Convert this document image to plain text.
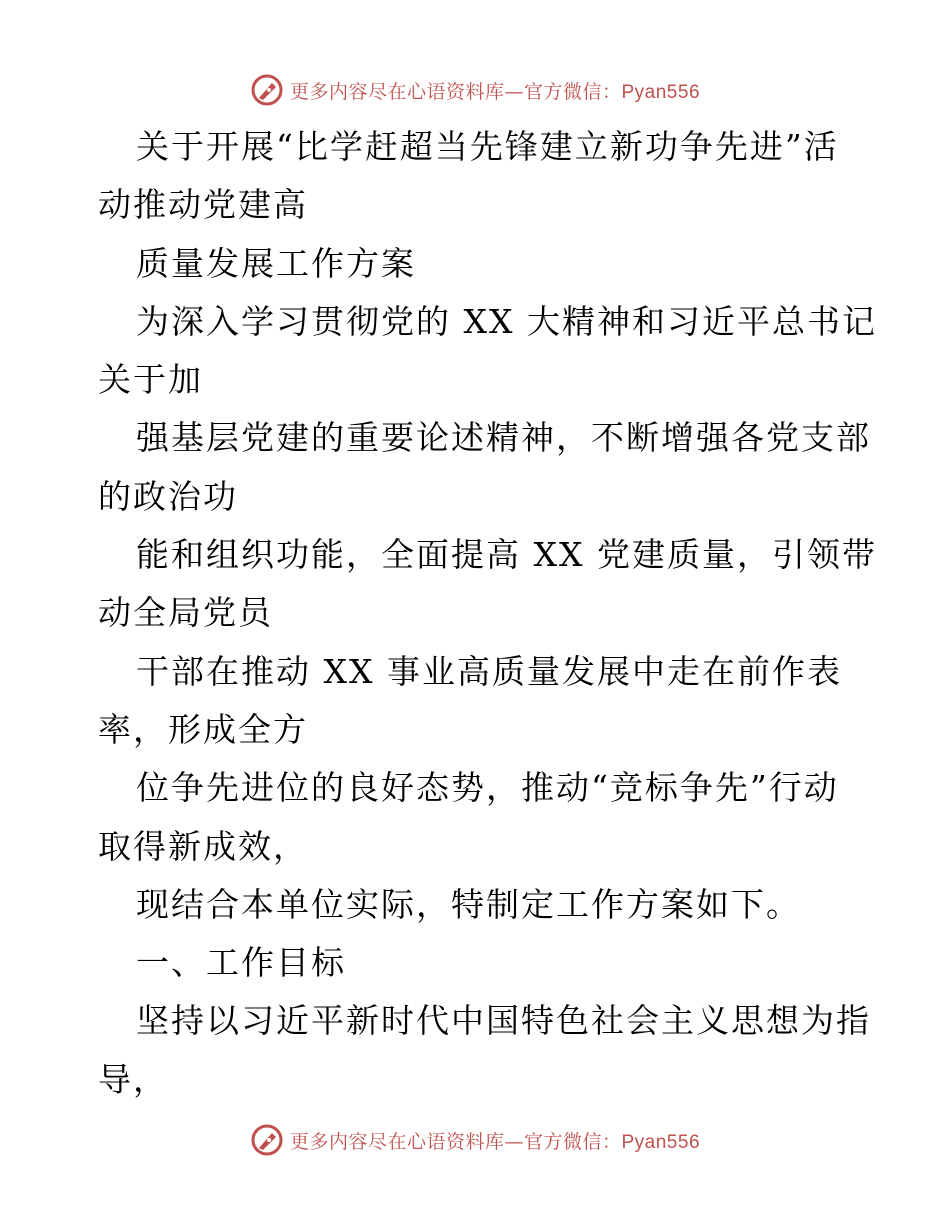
更多内容尽在心语资料库—官方微信：Pyan556
关于开展“比学赶超当先锋建立新功争先进”活
动推动党建高
质量发展工作方案
为深入学习贯彻党的 XX 大精神和习近平总书记
关于加
强基层党建的重要论述精神，不断增强各党支部
的政治功
能和组织功能，全面提高 XX 党建质量，引领带
动全局党员
干部在推动 XX 事业高质量发展中走在前作表
率，形成全方
位争先进位的良好态势，推动“竞标争先”行动
取得新成效，
现结合本单位实际，特制定工作方案如下。
一、工作目标
坚持以习近平新时代中国特色社会主义思想为指
导，
更多内容尽在心语资料库—官方微信：Pyan556
